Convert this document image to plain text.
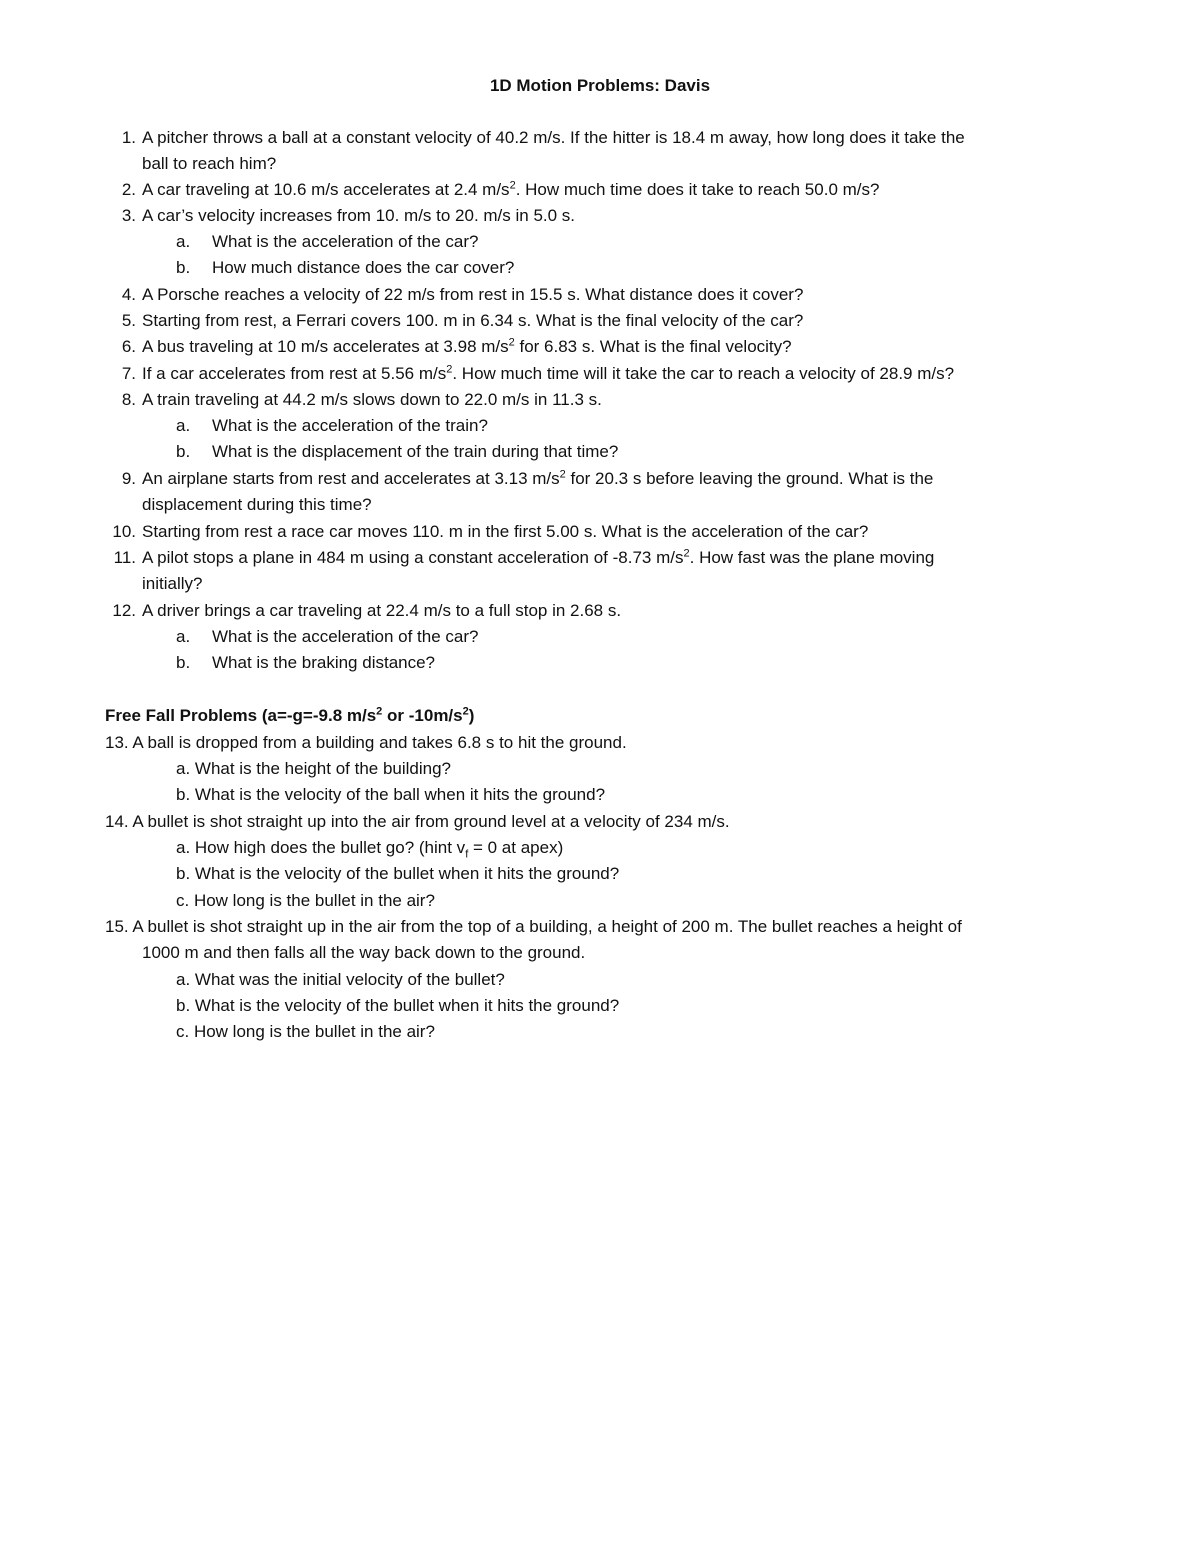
1D Motion Problems: Davis
1. A pitcher throws a ball at a constant velocity of 40.2 m/s. If the hitter is 18.4 m away, how long does it take the
ball to reach him?
2. A car traveling at 10.6 m/s accelerates at 2.4 $m/s^2$. How much time does it take to reach 50.0 m/s?
3. A car’s velocity increases from 10. m/s to 20. m/s in 5.0 s.
a. What is the acceleration of the car?
b. How much distance does the car cover?
4. A Porsche reaches a velocity of 22 m/s from rest in 15.5 s. What distance does it cover?
5. Starting from rest, a Ferrari covers 100. m in 6.34 s. What is the final velocity of the car?
6. A bus traveling at 10 m/s accelerates at 3.98 $m/s^2$ for 6.83 s. What is the final velocity?
7. If a car accelerates from rest at 5.56 $m/s^2$. How much time will it take the car to reach a velocity of 28.9 m/s?
8. A train traveling at 44.2 m/s slows down to 22.0 m/s in 11.3 s.
a. What is the acceleration of the train?
b. What is the displacement of the train during that time?
9. An airplane starts from rest and accelerates at 3.13 $m/s^2$ for 20.3 s before leaving the ground. What is the
displacement during this time?
10. Starting from rest a race car moves 110. m in the first 5.00 s. What is the acceleration of the car?
11. A pilot stops a plane in 484 m using a constant acceleration of -8.73 $m/s^2$. How fast was the plane moving
initially?
12. A driver brings a car traveling at 22.4 m/s to a full stop in 2.68 s.
a. What is the acceleration of the car?
b. What is the braking distance?
Free Fall Problems (a=-g=-9.8 $m/s^2$ or $-10m/s^2$)
13. A ball is dropped from a building and takes 6.8 s to hit the ground.
a. What is the height of the building?
b. What is the velocity of the ball when it hits the ground?
14. A bullet is shot straight up into the air from ground level at a velocity of 234 m/s.
a. How high does the bullet go? (hint $v_f = 0$ at apex)
b. What is the velocity of the bullet when it hits the ground?
c. How long is the bullet in the air?
15. A bullet is shot straight up in the air from the top of a building, a height of 200 m. The bullet reaches a height of
1000 m and then falls all the way back down to the ground.
a. What was the initial velocity of the bullet?
b. What is the velocity of the bullet when it hits the ground?
c. How long is the bullet in the air?
